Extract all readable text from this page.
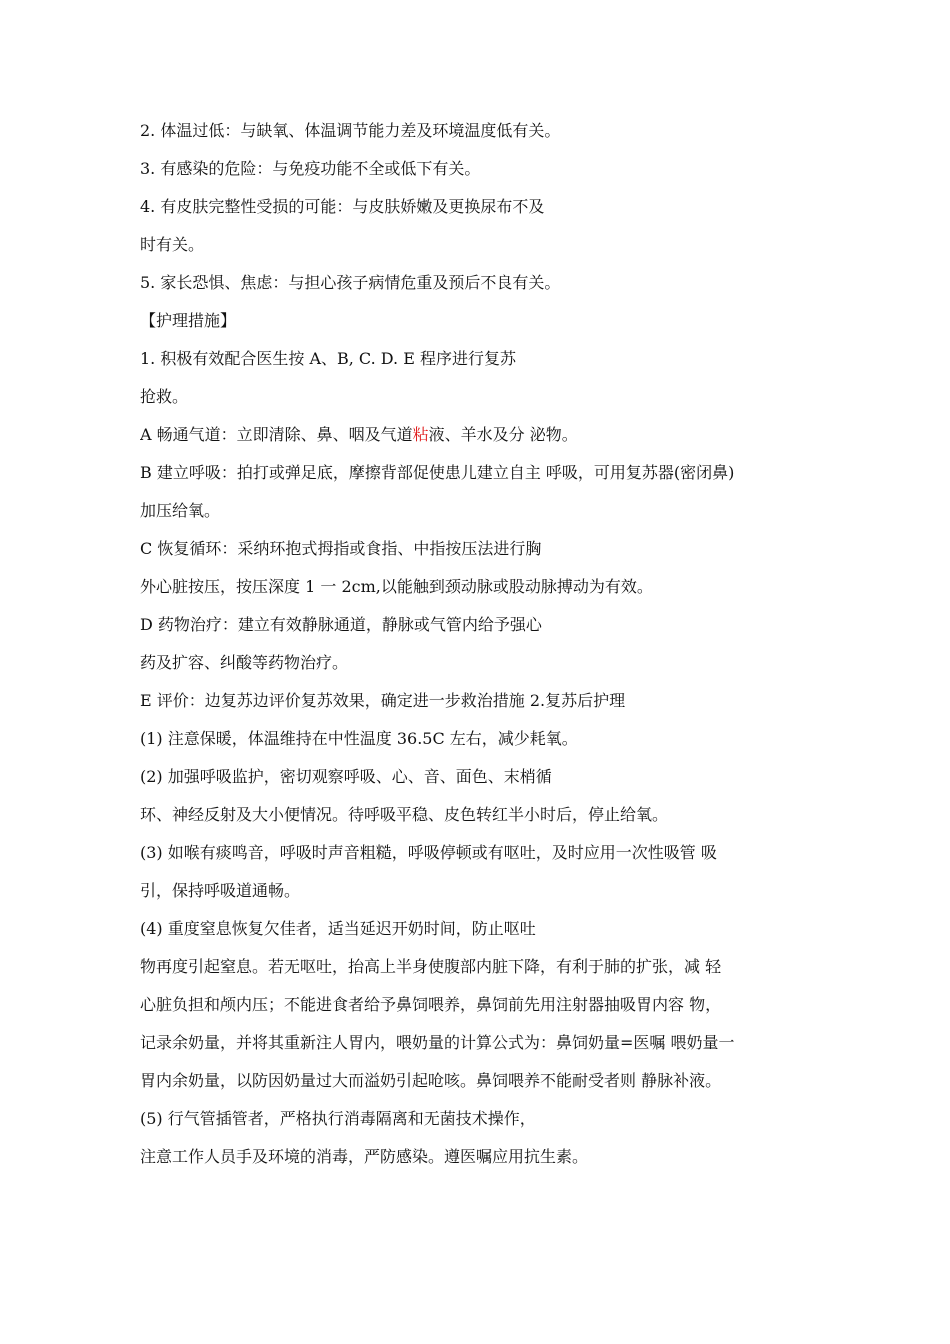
2. 体温过低：与缺氧、体温调节能力差及环境温度低有关。
3. 有感染的危险：与免疫功能不全或低下有关。
4. 有皮肤完整性受损的可能：与皮肤娇嫩及更换尿布不及
时有关。
5. 家长恐惧、焦虑：与担心孩子病情危重及预后不良有关。
【护理措施】
1. 积极有效配合医生按 A、B, C. D. E 程序进行复苏
抢救。
A 畅通气道：立即清除、鼻、咽及气道粘液、羊水及分 泌物。
B 建立呼吸：拍打或弹足底，摩擦背部促使患儿建立自主 呼吸，可用复苏器(密闭鼻)
加压给氧。
C 恢复循环：采纳环抱式拇指或食指、中指按压法进行胸
外心脏按压，按压深度 1 一 2cm,以能触到颈动脉或股动脉搏动为有效。
D 药物治疗：建立有效静脉通道，静脉或气管内给予强心
药及扩容、纠酸等药物治疗。
E 评价：边复苏边评价复苏效果，确定进一步救治措施 2.复苏后护理
(1) 注意保暖，体温维持在中性温度 36.5C 左右，减少耗氧。
(2) 加强呼吸监护，密切观察呼吸、心、音、面色、末梢循
环、神经反射及大小便情况。待呼吸平稳、皮色转红半小时后，停止给氧。
(3) 如喉有痰鸣音，呼吸时声音粗糙，呼吸停顿或有呕吐，及时应用一次性吸管 吸
引，保持呼吸道通畅。
(4) 重度窒息恢复欠佳者，适当延迟开奶时间，防止呕吐
物再度引起窒息。若无呕吐，抬高上半身使腹部内脏下降，有利于肺的扩张，减 轻
心脏负担和颅内压；不能进食者给予鼻饲喂养，鼻饲前先用注射器抽吸胃内容 物，
记录余奶量，并将其重新注人胃内，喂奶量的计算公式为：鼻饲奶量=医嘱 喂奶量一
胃内余奶量，以防因奶量过大而溢奶引起呛咳。鼻饲喂养不能耐受者则 静脉补液。
(5) 行气管插管者，严格执行消毒隔离和无菌技术操作，
注意工作人员手及环境的消毒，严防感染。遵医嘱应用抗生素。
